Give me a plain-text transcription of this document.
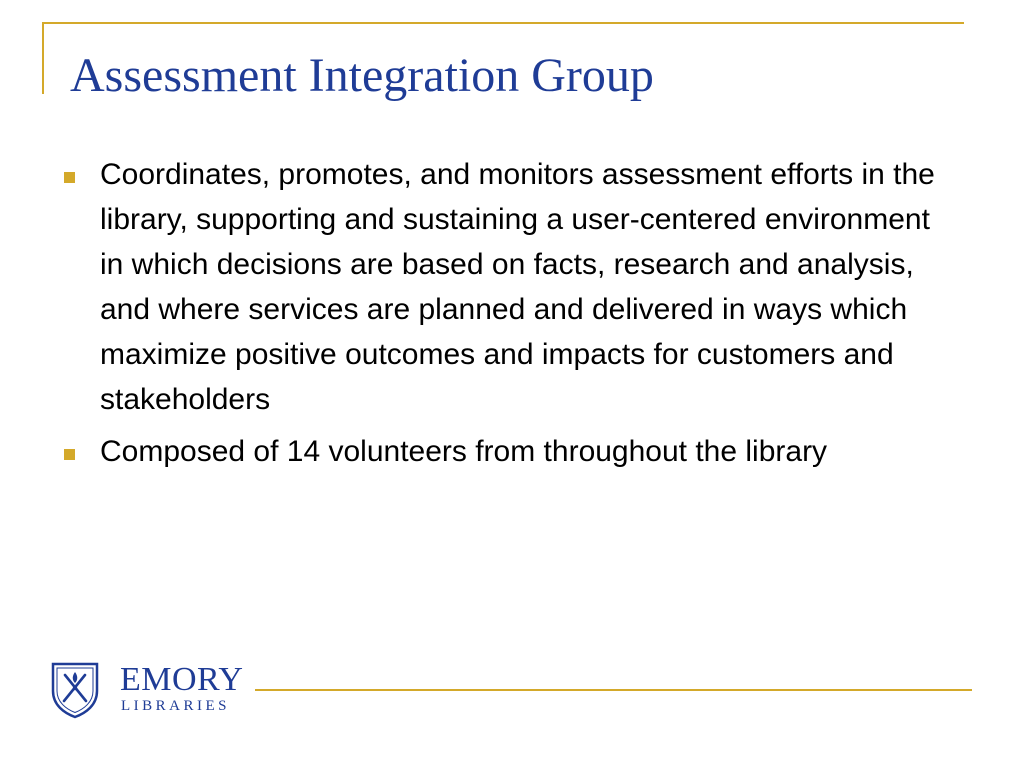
Assessment Integration Group
Coordinates, promotes, and monitors assessment efforts in the library, supporting and sustaining a user-centered environment in which decisions are based on facts, research and analysis, and where services are planned and delivered in ways which maximize positive outcomes and impacts for customers and stakeholders
Composed of 14 volunteers from throughout the library
EMORY
LIBRARIES
